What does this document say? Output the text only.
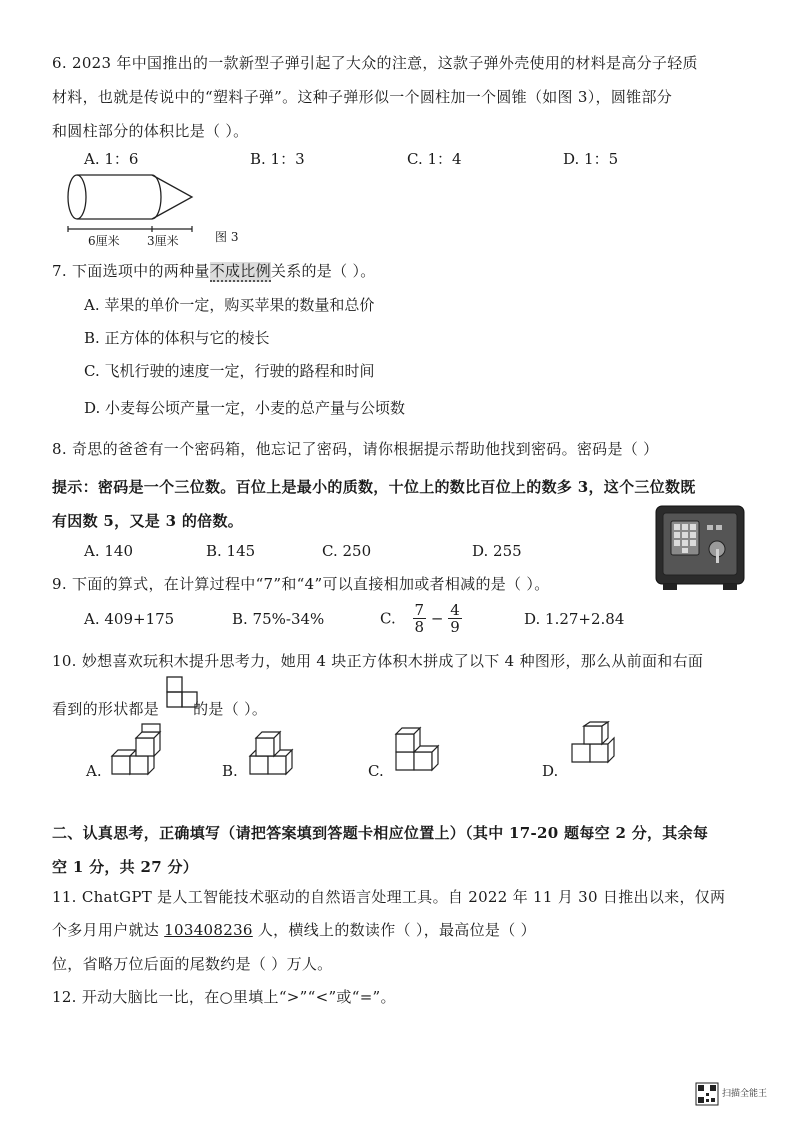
6. 2023 年中国推出的一款新型子弹引起了大众的注意，这款子弹外壳使用的材料是高分子轻质
材料，也就是传说中的“塑料子弹”。这种子弹形似一个圆柱加一个圆锥（如图 3），圆锥部分
和圆柱部分的体积比是（ ）。
A. 1：6	B. 1：3	C. 1：4	D. 1：5
6厘米 3厘米	图 3
7. 下面选项中的两种量不成比例关系的是（ ）。
A. 苹果的单价一定，购买苹果的数量和总价
B. 正方体的体积与它的棱长
C. 飞机行驶的速度一定，行驶的路程和时间
D. 小麦每公顷产量一定，小麦的总产量与公顷数
8. 奇思的爸爸有一个密码箱，他忘记了密码，请你根据提示帮助他找到密码。密码是（ ）
提示：密码是一个三位数。百位上是最小的质数，十位上的数比百位上的数多 3，这个三位数既
有因数 5，又是 3 的倍数。
A. 140	B. 145	C. 250	D. 255
9. 下面的算式，在计算过程中“7”和“4”可以直接相加或者相减的是（ ）。
A. 409+175	B. 75%-34%	C. $\frac{7}{8} - \frac{4}{9}$	D. 1.27+2.84
10. 妙想喜欢玩积木提升思考力，她用 4 块正方体积木拼成了以下 4 种图形，那么从前面和右面
看到的形状都是 的是（ ）。
A.	B.	C.	D.
二、认真思考，正确填写（请把答案填到答题卡相应位置上）（其中 17-20 题每空 2 分，其余每
空 1 分，共 27 分）
11. ChatGPT 是人工智能技术驱动的自然语言处理工具。自 2022 年 11 月 30 日推出以来，仅两
个多月用户就达 103408236 人，横线上的数读作（ ），最高位是（ ）
位，省略万位后面的尾数约是（ ）万人。
12. 开动大脑比一比，在○里填上“>”“<”或“=”。
扫描全能王
